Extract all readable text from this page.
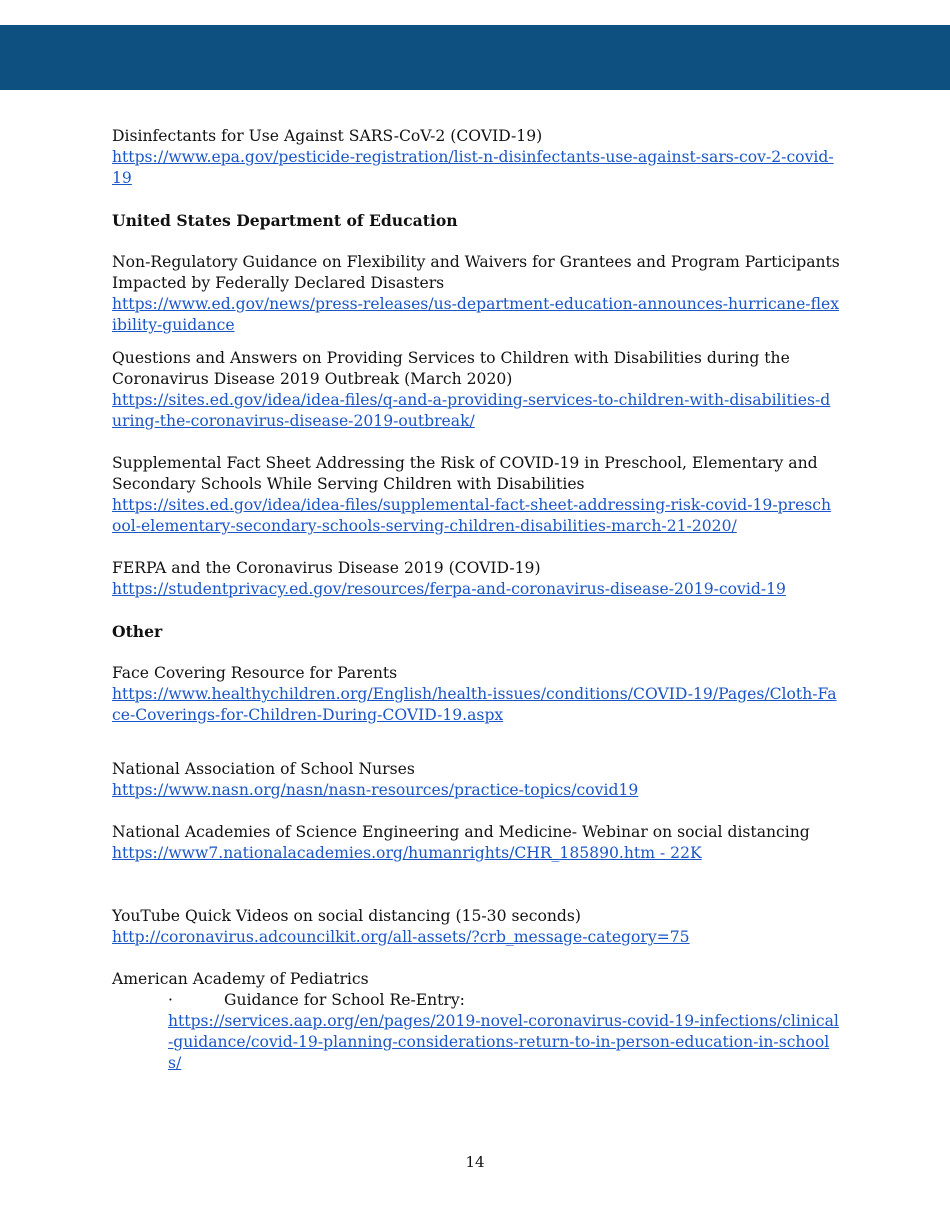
Disinfectants for Use Against SARS-CoV-2 (COVID-19)
https://www.epa.gov/pesticide-registration/list-n-disinfectants-use-against-sars-cov-2-covid-19
United States Department of Education
Non-Regulatory Guidance on Flexibility and Waivers for Grantees and Program Participants Impacted by Federally Declared Disasters
https://www.ed.gov/news/press-releases/us-department-education-announces-hurricane-flexibility-guidance
Questions and Answers on Providing Services to Children with Disabilities during the Coronavirus Disease 2019 Outbreak (March 2020)
https://sites.ed.gov/idea/idea-files/q-and-a-providing-services-to-children-with-disabilities-during-the-coronavirus-disease-2019-outbreak/
Supplemental Fact Sheet Addressing the Risk of COVID-19 in Preschool, Elementary and Secondary Schools While Serving Children with Disabilities
https://sites.ed.gov/idea/idea-files/supplemental-fact-sheet-addressing-risk-covid-19-preschool-elementary-secondary-schools-serving-children-disabilities-march-21-2020/
FERPA and the Coronavirus Disease 2019 (COVID-19)
https://studentprivacy.ed.gov/resources/ferpa-and-coronavirus-disease-2019-covid-19
Other
Face Covering Resource for Parents
https://www.healthychildren.org/English/health-issues/conditions/COVID-19/Pages/Cloth-Face-Coverings-for-Children-During-COVID-19.aspx
National Association of School Nurses
https://www.nasn.org/nasn/nasn-resources/practice-topics/covid19
National Academies of Science Engineering and Medicine- Webinar on social distancing
https://www7.nationalacademies.org/humanrights/CHR_185890.htm - 22K
YouTube Quick Videos on social distancing (15-30 seconds)
http://coronavirus.adcouncilkit.org/all-assets/?crb_message-category=75
American Academy of Pediatrics
·	Guidance for School Re-Entry:
https://services.aap.org/en/pages/2019-novel-coronavirus-covid-19-infections/clinical-guidance/covid-19-planning-considerations-return-to-in-person-education-in-schools/
14
